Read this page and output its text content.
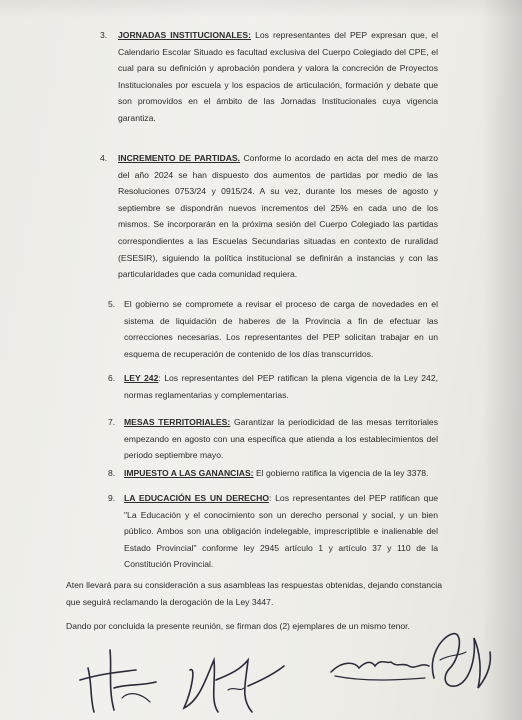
3. JORNADAS INSTITUCIONALES: Los representantes del PEP expresan que, el Calendario Escolar Situado es facultad exclusiva del Cuerpo Colegiado del CPE, el cual para su definición y aprobación pondera y valora la concreción de Proyectos Institucionales por escuela y los espacios de articulación, formación y debate que son promovidos en el ámbito de las Jornadas Institucionales cuya vigencia garantiza.
4. INCREMENTO DE PARTIDAS. Conforme lo acordado en acta del mes de marzo del año 2024 se han dispuesto dos aumentos de partidas por medio de las Resoluciones 0753/24 y 0915/24. A su vez, durante los meses de agosto y septiembre se dispondrán nuevos incrementos del 25% en cada uno de los mismos. Se incorporarán en la próxima sesión del Cuerpo Colegiado las partidas correspondientes a las Escuelas Secundarias situadas en contexto de ruralidad (ESESIR), siguiendo la política institucional se definirán a instancias y con las particularidades que cada comunidad requiera.
5. El gobierno se compromete a revisar el proceso de carga de novedades en el sistema de liquidación de haberes de la Provincia a fin de efectuar las correcciones necesarias. Los representantes del PEP solicitan trabajar en un esquema de recuperación de contenido de los días transcurridos.
6. LEY 242: Los representantes del PEP ratifican la plena vigencia de la Ley 242, normas reglamentarias y complementarias.
7. MESAS TERRITORIALES: Garantizar la periodicidad de las mesas territoriales empezando en agosto con una especifica que atienda a los establecimientos del periodo septiembre mayo.
8. IMPUESTO A LAS GANANCIAS: El gobierno ratifica la vigencia de la ley 3378.
9. LA EDUCACIÓN ES UN DERECHO: Los representantes del PEP ratifican que "La Educación y el conocimiento son un derecho personal y social, y un bien público. Ambos son una obligación indelegable, imprescriptible e inalienable del Estado Provincial" conforme ley 2945 artículo 1 y artículo 37 y 110 de la Constitución Provincial.
Aten llevará para su consideración a sus asambleas las respuestas obtenidas, dejando constancia que seguirá reclamando la derogación de la Ley 3447.
Dando por concluida la presente reunión, se firman dos (2) ejemplares de un mismo tenor.
